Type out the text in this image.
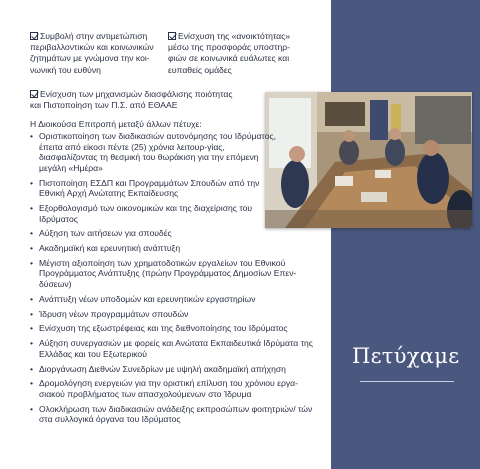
Πετύχαμε
Συμβολή στην αντιμετώπιση
περιβαλλοντικών και κοινωνικών
ζητημάτων με γνώμονα την κοι-
νωνική του ευθύνη
Ενίσχυση της «ανοικτότητας»
μέσω της προσφοράς υποστηρ-
φιών σε κοινωνικά ευάλωτες και
ευπαθείς ομάδες
Ενίσχυση των μηχανισμών διασφάλισης ποιότητας
και Πιστοποίηση των Π.Σ. από ΕΘΑΑΕ
Η Διοικούσα Επιτροπή μεταξύ άλλων πέτυχε:
• Οριστικοποίηση των διαδικασιών αυτονόμησης του Ιδρύματος, έπειτα από είκοσι πέντε (25) χρόνια λειτουρ-γίας, διασφαλίζοντας τη θεσμική του θωράκιση για την επόμενη μεγάλη «Ημέρα»
• Πιστοποίηση ΕΣΔΠ και Προγραμμάτων Σπουδών από την Εθνική Αρχή Ανώτατης Εκπαίδευσης
• Εξορθολογισμό των οικονομικών και της διαχείρισης του Ιδρύματος
• Αύξηση των αιτήσεων για σπουδές
• Ακαδημαϊκή και ερευνητική ανάπτυξη
• Μέγιστη αξιοποίηση των χρηματοδοτικών εργαλείων του Εθνικού Προγράμματος Ανάπτυξης (πρώην Προγράμματος Δημοσίων Επεν-δύσεων)
• Ανάπτυξη νέων υποδομών και ερευνητικών εργαστηρίων
• Ίδρυση νέων προγραμμάτων σπουδών
• Ενίσχυση της εξωστρέφειας και της διεθνοποίησης του Ιδρύματος
• Αύξηση συνεργασιών με φορείς και Ανώτατα Εκπαιδευτικά Ιδρύματα της Ελλάδας και του Εξωτερικού
• Διοργάνωση Διεθνών Συνεδρίων με υψηλή ακαδημαϊκή απήχηση
• Δρομολόγηση ενεργειών για την οριστική επίλυση του χρόνιου εργα-σιακού προβλήματος των απασχολούμενων στο Ίδρυμα
• Ολοκλήρωση των διαδικασιών ανάδειξης εκπροσώπων φοιτητριών/ τών στα συλλογικά όργανα του Ιδρύματος
